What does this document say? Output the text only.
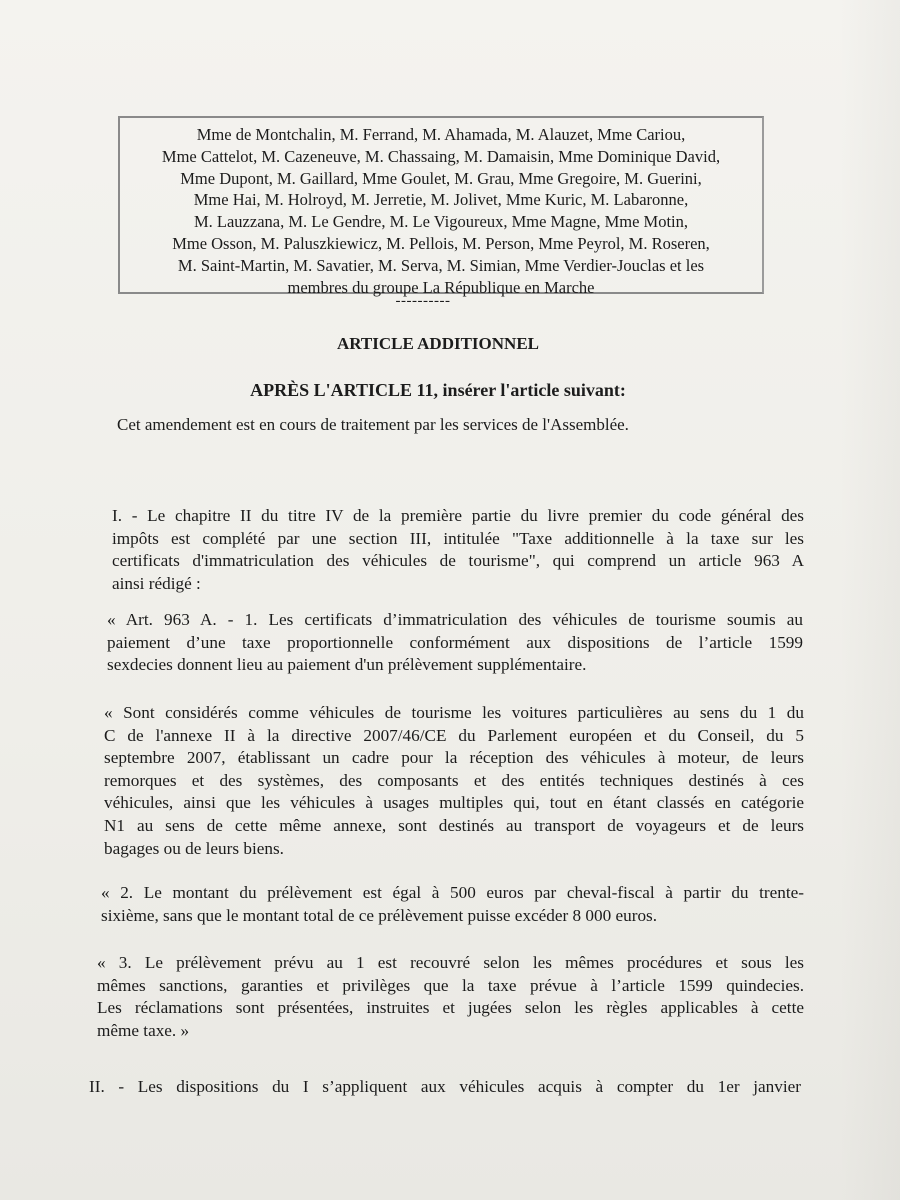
Mme de Montchalin, M. Ferrand, M. Ahamada, M. Alauzet, Mme Cariou,
Mme Cattelot, M. Cazeneuve, M. Chassaing, M. Damaisin, Mme Dominique David,
Mme Dupont, M. Gaillard, Mme Goulet, M. Grau, Mme Gregoire, M. Guerini,
Mme Hai, M. Holroyd, M. Jerretie, M. Jolivet, Mme Kuric, M. Labaronne,
M. Lauzzana, M. Le Gendre, M. Le Vigoureux, Mme Magne, Mme Motin,
Mme Osson, M. Paluszkiewicz, M. Pellois, M. Person, Mme Peyrol, M. Roseren,
M. Saint-Martin, M. Savatier, M. Serva, M. Simian, Mme Verdier-Jouclas et les
membres du groupe La République en Marche
----------
ARTICLE ADDITIONNEL
APRÈS L'ARTICLE 11, insérer l'article suivant:
Cet amendement est en cours de traitement par les services de l'Assemblée.
I. - Le chapitre II du titre IV de la première partie du livre premier du code général des
impôts est complété par une section III, intitulée "Taxe additionnelle à la taxe sur les
certificats d'immatriculation des véhicules de tourisme", qui comprend un article 963 A
ainsi rédigé :
« Art. 963 A. - 1. Les certificats d’immatriculation des véhicules de tourisme soumis au
paiement d’une taxe proportionnelle conformément aux dispositions de l’article 1599
sexdecies donnent lieu au paiement d'un prélèvement supplémentaire.
« Sont considérés comme véhicules de tourisme les voitures particulières au sens du 1 du
C de l'annexe II à la directive 2007/46/CE du Parlement européen et du Conseil, du 5
septembre 2007, établissant un cadre pour la réception des véhicules à moteur, de leurs
remorques et des systèmes, des composants et des entités techniques destinés à ces
véhicules, ainsi que les véhicules à usages multiples qui, tout en étant classés en catégorie
N1 au sens de cette même annexe, sont destinés au transport de voyageurs et de leurs
bagages ou de leurs biens.
« 2. Le montant du prélèvement est égal à 500 euros par cheval-fiscal à partir du trente-
sixième, sans que le montant total de ce prélèvement puisse excéder 8 000 euros.
« 3. Le prélèvement prévu au 1 est recouvré selon les mêmes procédures et sous les
mêmes sanctions, garanties et privilèges que la taxe prévue à l’article 1599 quindecies.
Les réclamations sont présentées, instruites et jugées selon les règles applicables à cette
même taxe. »
II. - Les dispositions du I s’appliquent aux véhicules acquis à compter du 1er janvier
